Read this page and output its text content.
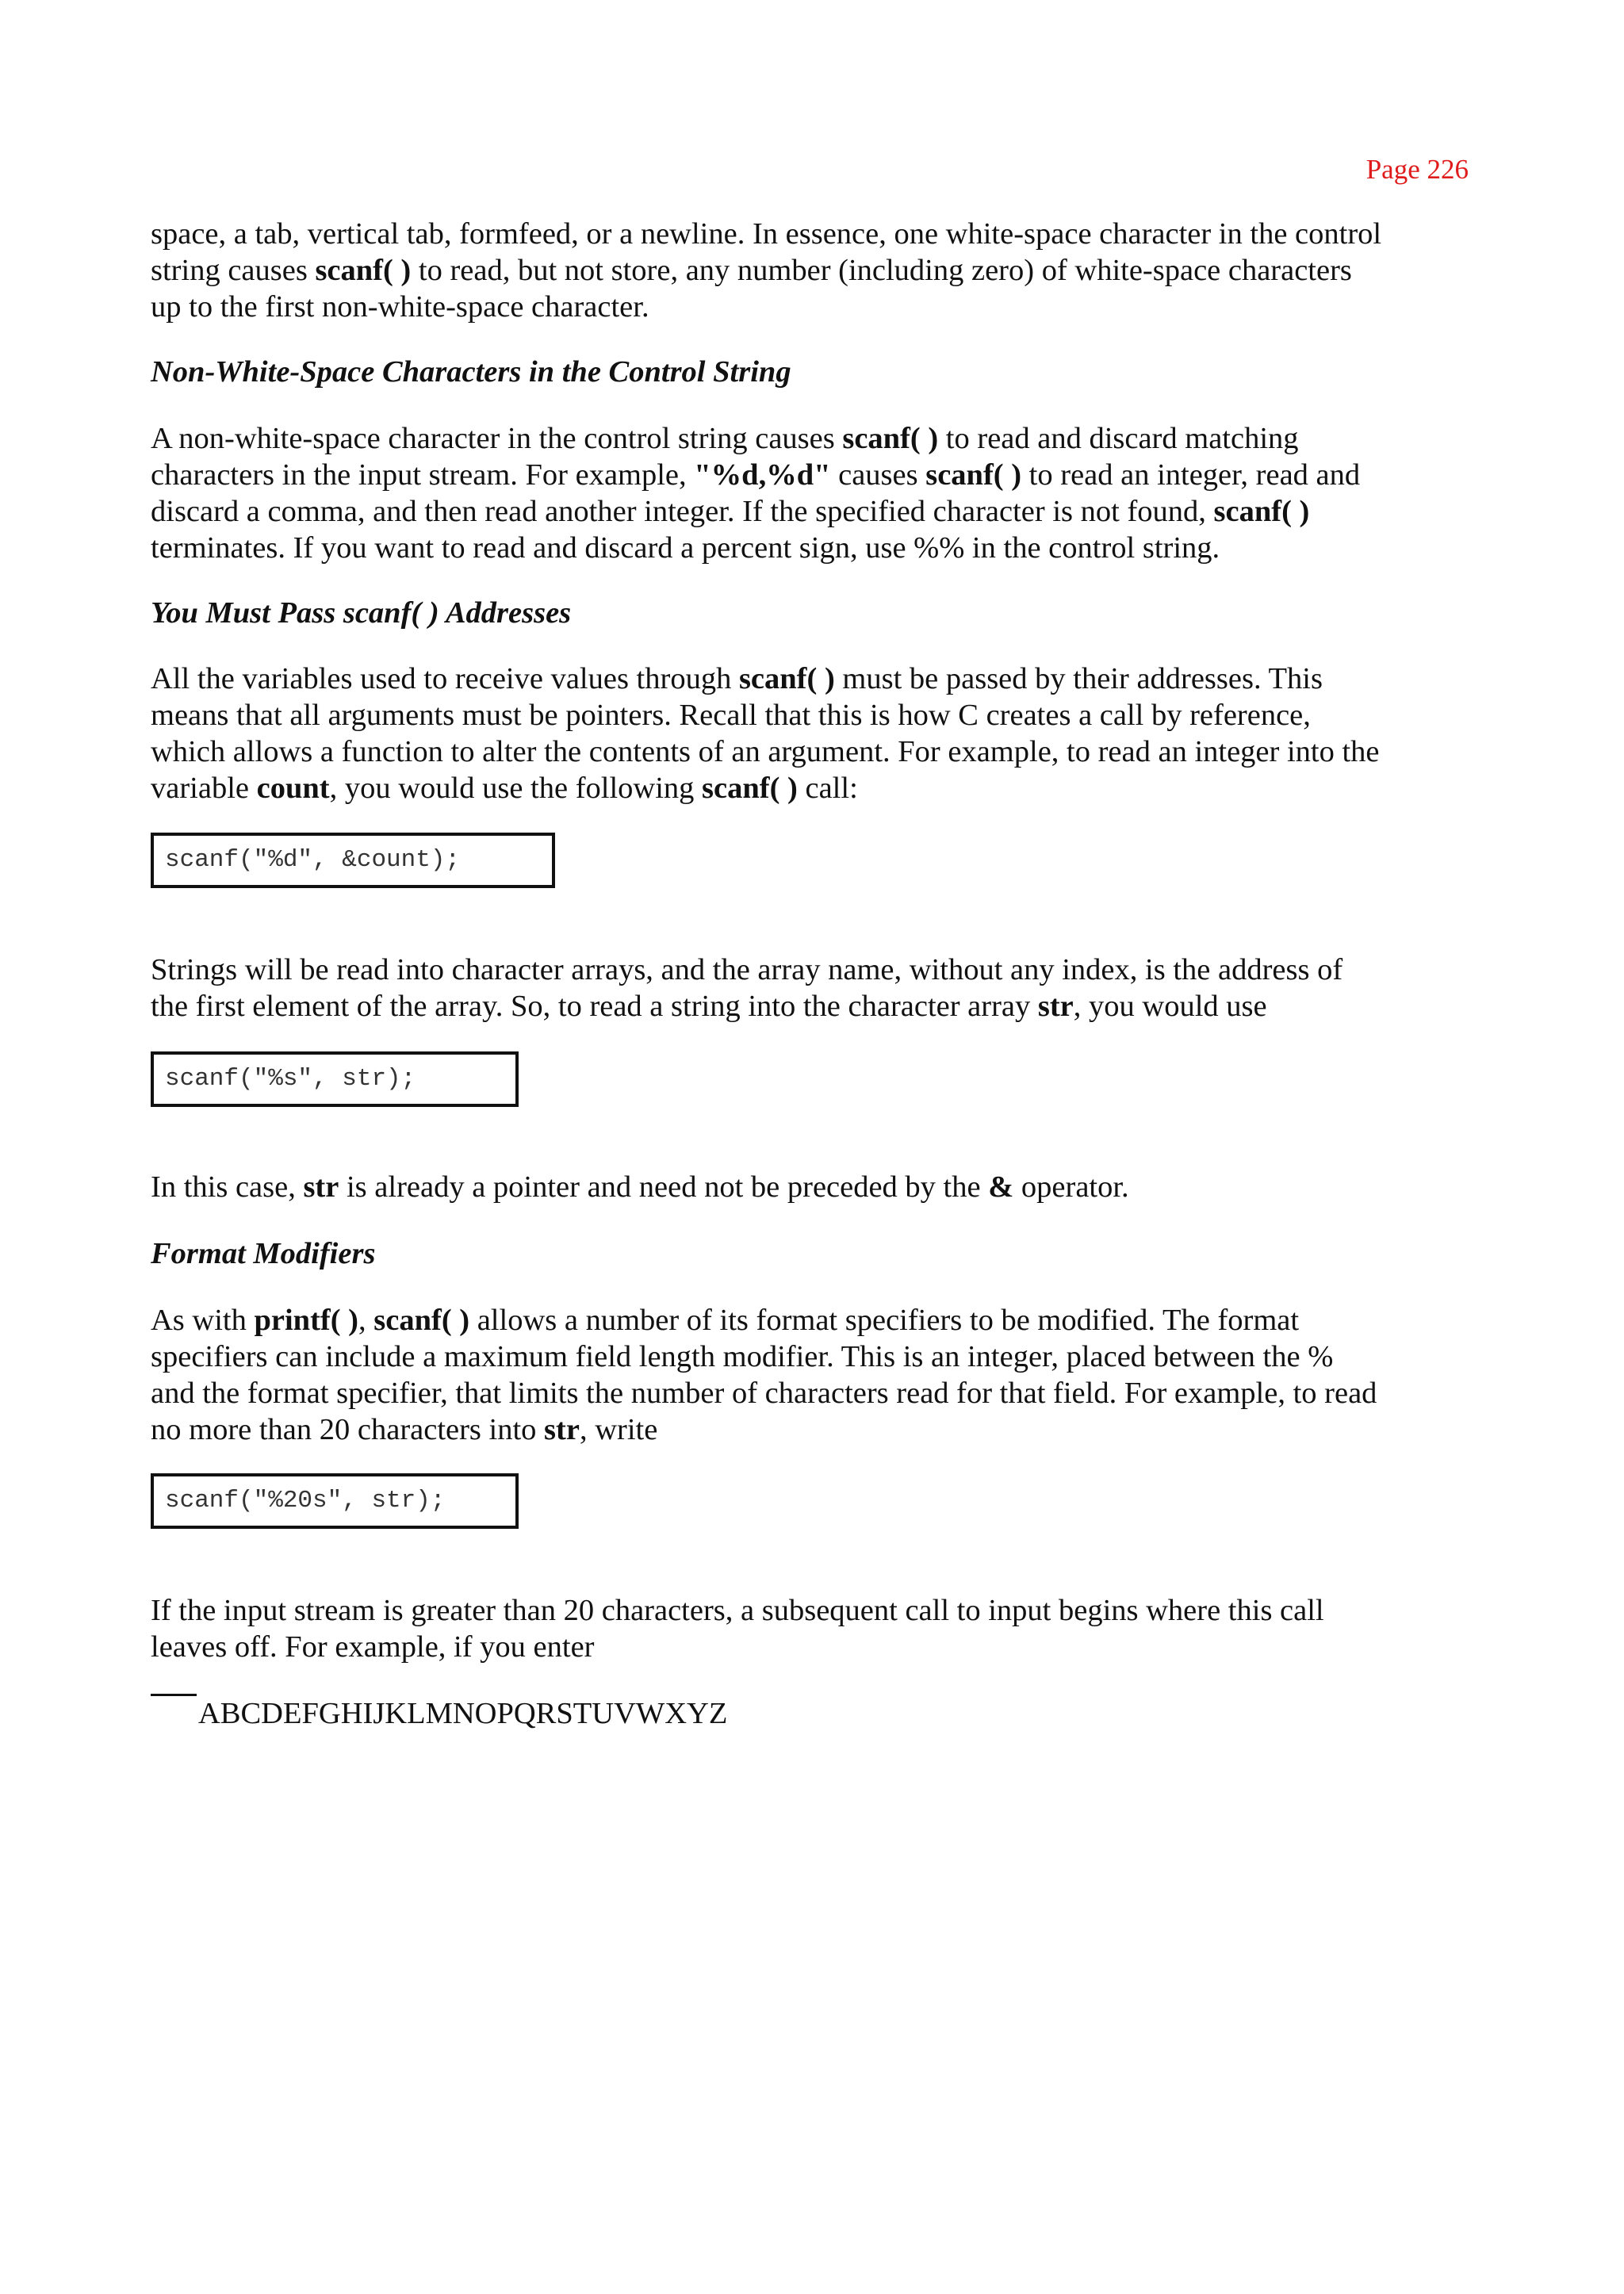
Page 226
space, a tab, vertical tab, formfeed, or a newline. In essence, one white-space character in the control
string causes scanf( ) to read, but not store, any number (including zero) of white-space characters
up to the first non-white-space character.
Non-White-Space Characters in the Control String
A non-white-space character in the control string causes scanf( ) to read and discard matching
characters in the input stream. For example, "%d,%d" causes scanf( ) to read an integer, read and
discard a comma, and then read another integer. If the specified character is not found, scanf( )
terminates. If you want to read and discard a percent sign, use %% in the control string.
You Must Pass scanf( ) Addresses
All the variables used to receive values through scanf( ) must be passed by their addresses. This
means that all arguments must be pointers. Recall that this is how C creates a call by reference,
which allows a function to alter the contents of an argument. For example, to read an integer into the
variable count, you would use the following scanf( ) call:
scanf("%d", &count);
Strings will be read into character arrays, and the array name, without any index, is the address of
the first element of the array. So, to read a string into the character array str, you would use
scanf("%s", str);
In this case, str is already a pointer and need not be preceded by the & operator.
Format Modifiers
As with printf( ), scanf( ) allows a number of its format specifiers to be modified. The format
specifiers can include a maximum field length modifier. This is an integer, placed between the %
and the format specifier, that limits the number of characters read for that field. For example, to read
no more than 20 characters into str, write
scanf("%20s", str);
If the input stream is greater than 20 characters, a subsequent call to input begins where this call
leaves off. For example, if you enter
ABCDEFGHIJKLMNOPQRSTUVWXYZ
